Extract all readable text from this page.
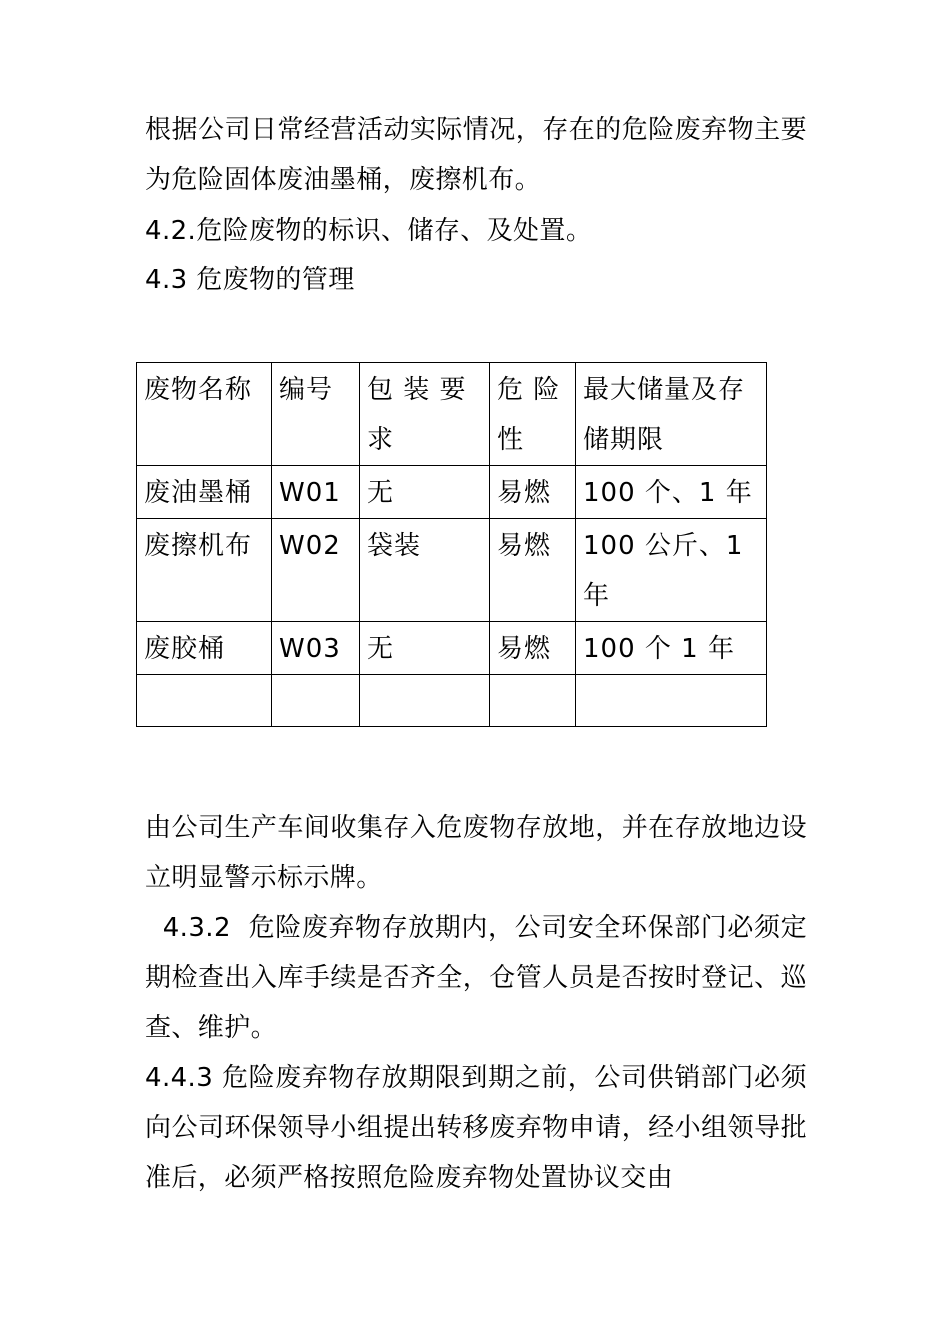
根据公司日常经营活动实际情况，存在的危险废弃物主要为危险固体废油墨桶，废擦机布。
4.2.危险废物的标识、储存、及处置。
4.3 危废物的管理
废物名称	编号	包 装 要 求	危 险 性	最大储量及存储期限
废油墨桶	W01	无	易燃	100 个、1 年
废擦机布	W02	袋装	易燃	100 公斤、1 年
废胶桶	W03	无	易燃	100 个 1 年

由公司生产车间收集存入危废物存放地，并在存放地边设立明显警示标示牌。
4.3.2  危险废弃物存放期内，公司安全环保部门必须定期检查出入库手续是否齐全，仓管人员是否按时登记、巡查、维护。
4.4.3 危险废弃物存放期限到期之前，公司供销部门必须向公司环保领导小组提出转移废弃物申请，经小组领导批准后，必须严格按照危险废弃物处置协议交由
